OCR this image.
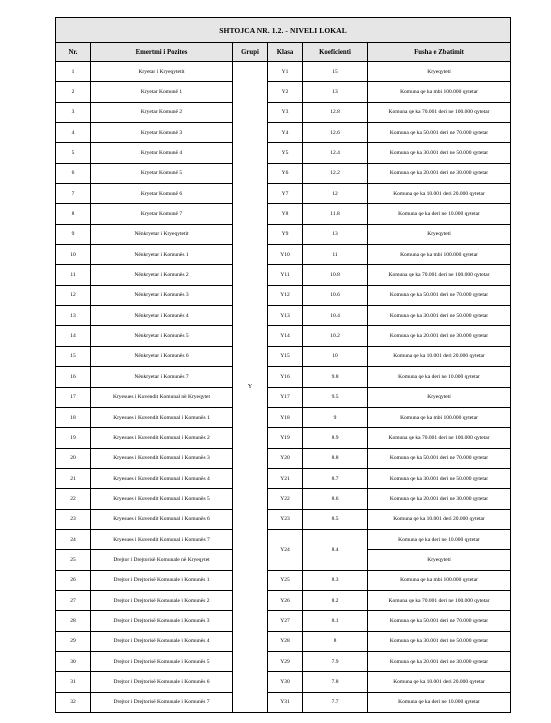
SHTOJCA NR. 1.2. - NIVELI LOKAL					
Nr.	Emertmi i Pozites	Grupi	Klasa	Koeficienti	Fusha e Zbatimit
1	Kryetar i Kryeqytetit	Y	Y1	15	Kryeqyteti
2	Kryetar Komunë 1		Y2	13	Komuna qe ka mbi 100.000 qytetar
3	Kryetar Komunë 2		Y3	12.8	Komuna qe ka 70.001 deri ne 100.000 qytetar
4	Kryetar Komunë 3		Y4	12.6	Komuna qe ka 50.001 deri ne 70.000 qytetar
5	Kryetar Komunë 4		Y5	12.4	Komuna qe ka 30.001 deri ne 50.000 qytetar
6	Kryetar Komunë 5		Y6	12.2	Komuna qe ka 20.001 deri ne 30.000 qytetar
7	Kryetar Komunë 6		Y7	12	Komuna qe ka 10.001 deri 20.000 qytetar
8	Kryetar Komunë 7		Y8	11.8	Komuna qe ka deri ne 10.000 qytetar
9	Nënkryetar i Kryeqytetit		Y9	13	Kryeqyteti
10	Nënkryetar i Komunës 1		Y10	11	Komuna qe ka mbi 100.000 qytetar
11	Nënkryetar i Komunës 2		Y11	10.8	Komuna qe ka 70.001 deri ne 100.000 qytetar
12	Nënkryetar i Komunës 3		Y12	10.6	Komuna qe ka 50.001 deri ne 70.000 qytetar
13	Nënkryetar i Komunës 4		Y13	10.4	Komuna qe ka 30.001 deri ne 50.000 qytetar
14	Nënkryetar i Komunës 5		Y14	10.2	Komuna qe ka 20.001 deri ne 30.000 qytetar
15	Nënkryetar i Komunës 6		Y15	10	Komuna qe ka 10.001 deri 20.000 qytetar
16	Nënkryetar i Komunës 7		Y16	9.8	Komuna qe ka deri ne 10.000 qytetar
17	Kryesues i Kuvendit Komunal në Kryeqytet		Y17	9.5	Kryeqyteti
18	Kryesues i Kuvendit Komunal i Komunës 1		Y18	9	Komuna qe ka mbi 100.000 qytetar
19	Kryesues i Kuvendit Komunal i Komunës 2		Y19	8.9	Komuna qe ka 70.001 deri ne 100.000 qytetar
20	Kryesues i Kuvendit Komunal i Komunës 3		Y20	8.8	Komuna qe ka 50.001 deri ne 70.000 qytetar
21	Kryesues i Kuvendit Komunal i Komunës 4		Y21	8.7	Komuna qe ka 30.001 deri ne 50.000 qytetar
22	Kryesues i Kuvendit Komunal i Komunës 5		Y22	8.6	Komuna qe ka 20.001 deri ne 30.000 qytetar
23	Kryesues i Kuvendit Komunal i Komunës 6		Y23	8.5	Komuna qe ka 10.001 deri 20.000 qytetar
24	Kryesues i Kuvendit Komunal i Komunës 7		Y24	8.4	Komuna qe ka deri ne 10.000 qytetar
25	Drejtor i Drejtorisë Komunale në Kryeqytet				Kryeqyteti
26	Drejtor i Drejtorisë Komunale i Komunës 1		Y25	8.3	Komuna qe ka mbi 100.000 qytetar
27	Drejtor i Drejtorisë Komunale i Komunës 2		Y26	8.2	Komuna qe ka 70.001 deri ne 100.000 qytetar
28	Drejtor i Drejtorisë Komunale i Komunës 3		Y27	8.1	Komuna qe ka 50.001 deri ne 70.000 qytetar
29	Drejtor i Drejtorisë Komunale i Komunës 4		Y28	8	Komuna qe ka 30.001 deri ne 50.000 qytetar
30	Drejtor i Drejtorisë Komunale i Komunës 5		Y29	7.9	Komuna qe ka 20.001 deri ne 30.000 qytetar
31	Drejtor i Drejtorisë Komunale i Komunës 6		Y30	7.8	Komuna qe ka 10.001 deri 20.000 qytetar
32	Drejtor i Drejtorisë Komunale i Komunës 7		Y31	7.7	Komuna qe ka deri ne 10.000 qytetar
